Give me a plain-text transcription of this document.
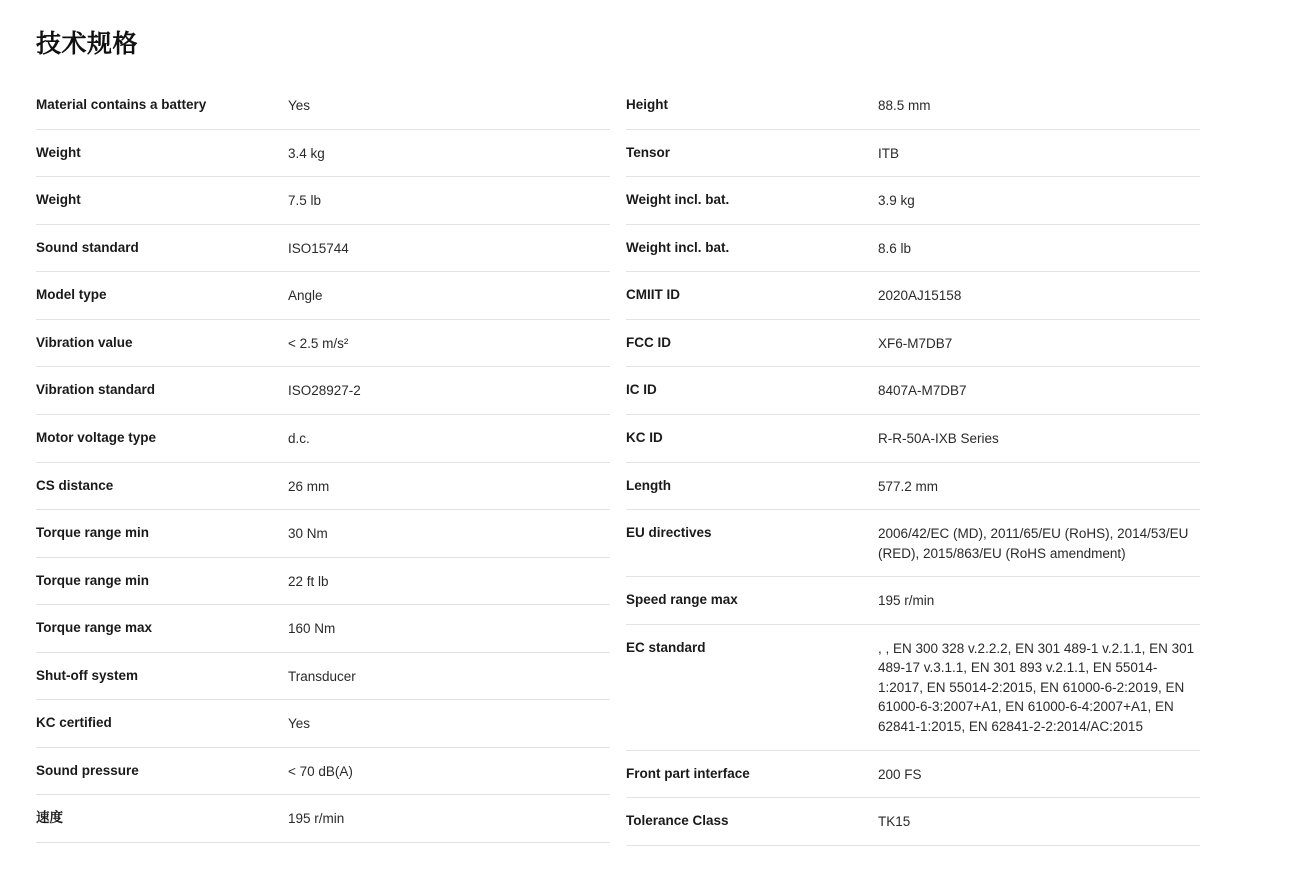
技术规格
Material contains a battery	Yes
Weight	3.4 kg
Weight	7.5 lb
Sound standard	ISO15744
Model type	Angle
Vibration value	< 2.5 m/s²
Vibration standard	ISO28927-2
Motor voltage type	d.c.
CS distance	26 mm
Torque range min	30 Nm
Torque range min	22 ft lb
Torque range max	160 Nm
Shut-off system	Transducer
KC certified	Yes
Sound pressure	< 70 dB(A)
速度	195 r/min
Height	88.5 mm
Tensor	ITB
Weight incl. bat.	3.9 kg
Weight incl. bat.	8.6 lb
CMIIT ID	2020AJ15158
FCC ID	XF6-M7DB7
IC ID	8407A-M7DB7
KC ID	R-R-50A-IXB Series
Length	577.2 mm
EU directives	2006/42/EC (MD), 2011/65/EU (RoHS), 2014/53/EU (RED), 2015/863/EU (RoHS amendment)
Speed range max	195 r/min
EC standard	, , EN 300 328 v.2.2.2, EN 301 489-1 v.2.1.1, EN 301 489-17 v.3.1.1, EN 301 893 v.2.1.1, EN 55014-1:2017, EN 55014-2:2015, EN 61000-6-2:2019, EN 61000-6-3:2007+A1, EN 61000-6-4:2007+A1, EN 62841-1:2015, EN 62841-2-2:2014/AC:2015
Front part interface	200 FS
Tolerance Class	TK15
